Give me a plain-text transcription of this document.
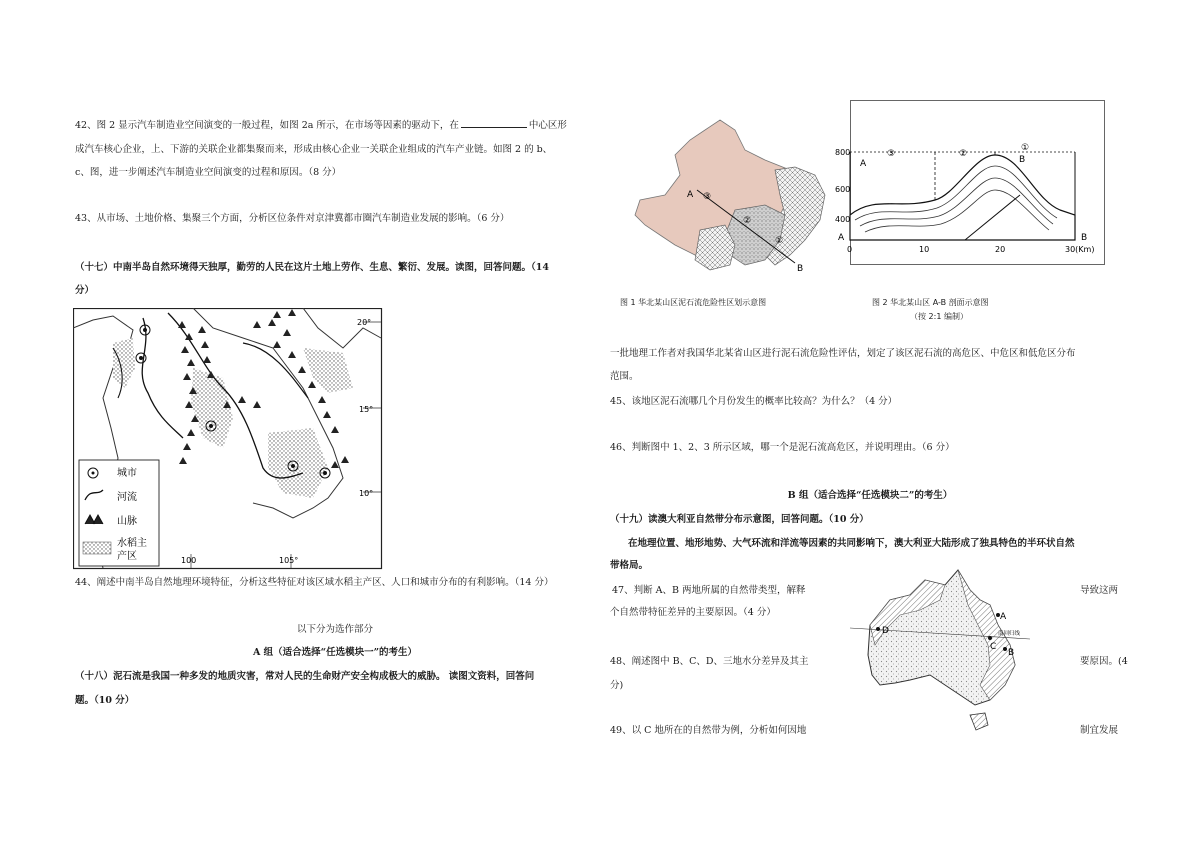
42、图 2 显示汽车制造业空间演变的一般过程，如图 2a 所示，在市场等因素的驱动下，在	中心区形
成汽车核心企业，上、下游的关联企业都集聚而来，形成由核心企业一关联企业组成的汽车产业链。如图 2 的 b、
c、图，进一步阐述汽车制造业空间演变的过程和原因。（8 分）
43、从市场、土地价格、集聚三个方面，分析区位条件对京津冀都市圈汽车制造业发展的影响。（6 分）
（十七）中南半岛自然环境得天独厚，勤劳的人民在这片土地上劳作、生息、繁衍、发展。读图，回答问题。（14
分）
20°
15°
10°
100	105°
城市
河流
山脉
水稻主
产区
44、阐述中南半岛自然地理环境特征，分析这些特征对该区域水稻主产区、人口和城市分布的有利影响。（14 分）
以下分为选作部分
A 组（适合选择“任选模块一”的考生）
（十八）泥石流是我国一种多发的地质灾害，常对人民的生命财产安全构成极大的威胁。 读图文资料，回答问
题。（10 分）
A
B
③
②
①
800
600
400
0	10	20	30(Km)
A	B
A	B
③	②
①
图 1 华北某山区泥石流危险性区划示意图	图 2 华北某山区 A-B 剖面示意图
（按 2:1 编制）
一批地理工作者对我国华北某省山区进行泥石流危险性评估，划定了该区泥石流的高危区、中危区和低危区分布
范围。
45、该地区泥石流哪几个月份发生的概率比较高？为什么？（4 分）
46、判断图中 1、2、3 所示区域，哪一个是泥石流高危区，并说明理由。（6 分）
B 组（适合选择“任选模块二”的考生）
（十九）读澳大利亚自然带分布示意图，回答问题。（10 分）
在地理位置、地形地势、大气环流和洋流等因素的共同影响下，澳大利亚大陆形成了独具特色的半环状自然
带格局。
47、判断 A、B 两地所属的自然带类型，解释	导致这两
个自然带特征差异的主要原因。（4 分）
48、阐述图中 B、C、D、三地水分差异及其主	要原因。(4
分)
49、以 C 地所在的自然带为例，分析如何因地	制宜发展
D
A
C
B
南回归线
